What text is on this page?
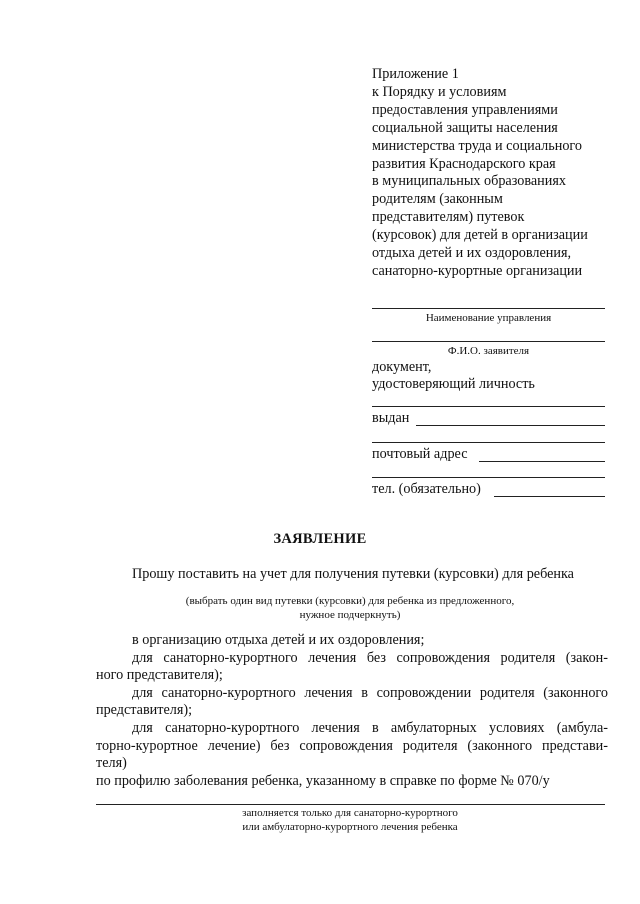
Приложение 1
к Порядку и условиям
предоставления управлениями
социальной защиты населения
министерства труда и социального
развития Краснодарского края
в муниципальных образованиях
родителям (законным
представителям) путевок
(курсовок) для детей в организации
отдыха детей и их оздоровления,
санаторно-курортные организации
Наименование управления
Ф.И.О. заявителя
документ,
удостоверяющий личность
выдан
почтовый адрес
тел. (обязательно)
ЗАЯВЛЕНИЕ
Прошу поставить на учет для получения путевки (курсовки) для ребенка
(выбрать один вид путевки (курсовки) для ребенка из предложенного,
нужное подчеркнуть)
в организацию отдыха детей и их оздоровления;
для санаторно-курортного лечения без сопровождения родителя (закон-
ного представителя);
для санаторно-курортного лечения в сопровождении родителя (законного
представителя);
для санаторно-курортного лечения в амбулаторных условиях (амбула-
торно-курортное лечение) без сопровождения родителя (законного представи-
теля)
по профилю заболевания ребенка, указанному в справке по форме № 070/у
заполняется только для санаторно-курортного
или амбулаторно-курортного лечения ребенка
